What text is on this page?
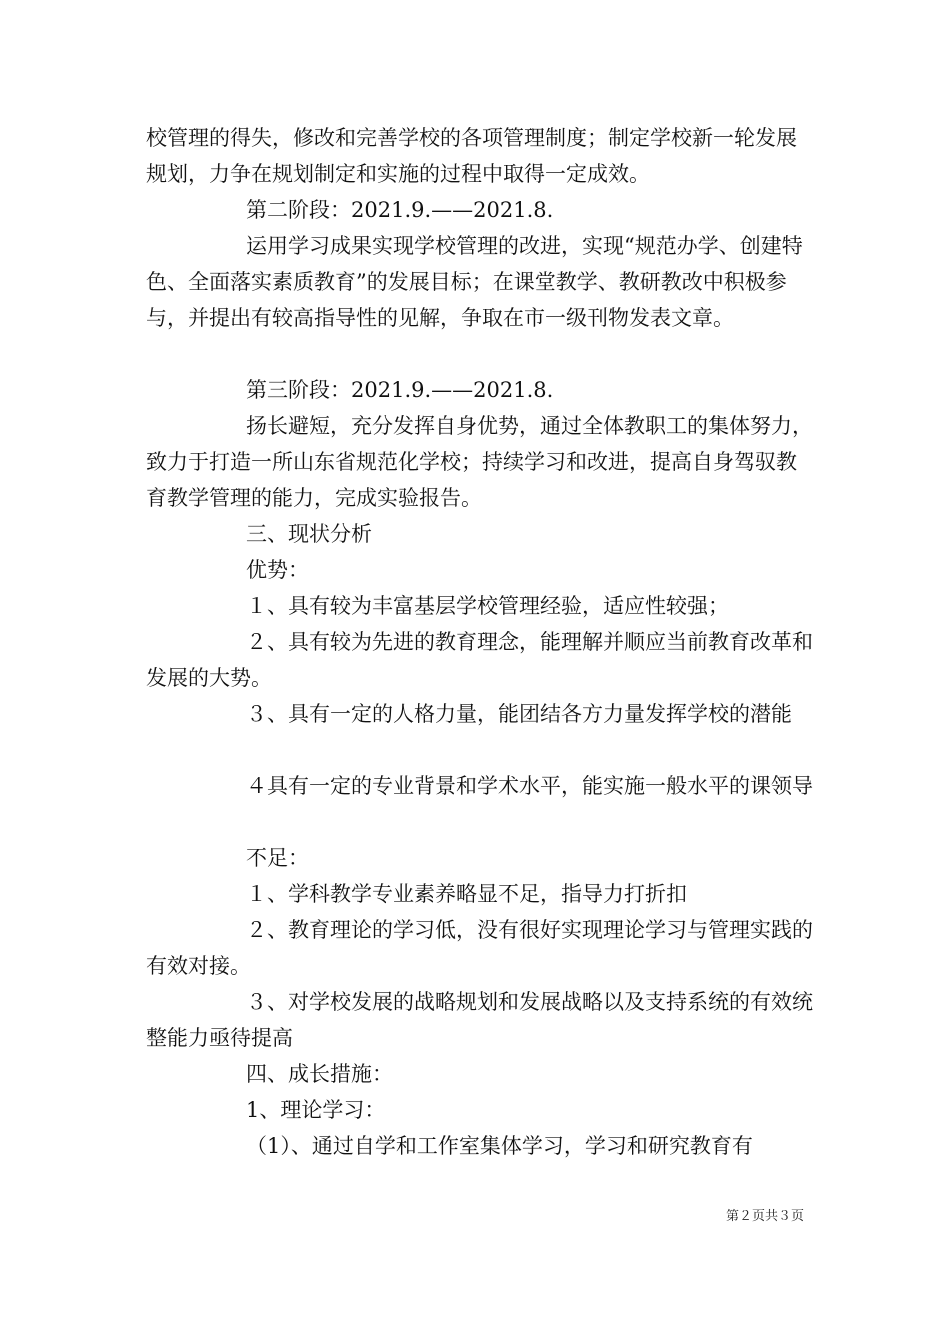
校管理的得失，修改和完善学校的各项管理制度；制定学校新一轮发展规划，力争在规划制定和实施的过程中取得一定成效。

第二阶段：2021.9.——2021.8.

运用学习成果实现学校管理的改进，实现“规范办学、创建特色、全面落实素质教育”的发展目标；在课堂教学、教研教改中积极参与，并提出有较高指导性的见解，争取在市一级刊物发表文章。

第三阶段：2021.9.——2021.8.

扬长避短，充分发挥自身优势，通过全体教职工的集体努力，致力于打造一所山东省规范化学校；持续学习和改进，提高自身驾驭教育教学管理的能力，完成实验报告。

三、现状分析

优势：

１、具有较为丰富基层学校管理经验，适应性较强；

２、具有较为先进的教育理念，能理解并顺应当前教育改革和发展的大势。

３、具有一定的人格力量，能团结各方力量发挥学校的潜能

４具有一定的专业背景和学术水平，能实施一般水平的课领导

不足：

１、学科教学专业素养略显不足，指导力打折扣

２、教育理论的学习低，没有很好实现理论学习与管理实践的有效对接。

３、对学校发展的战略规划和发展战略以及支持系统的有效统整能力亟待提高

四、成长措施：

1、理论学习：

（1）、通过自学和工作室集体学习，学习和研究教育有

第２页共３页
